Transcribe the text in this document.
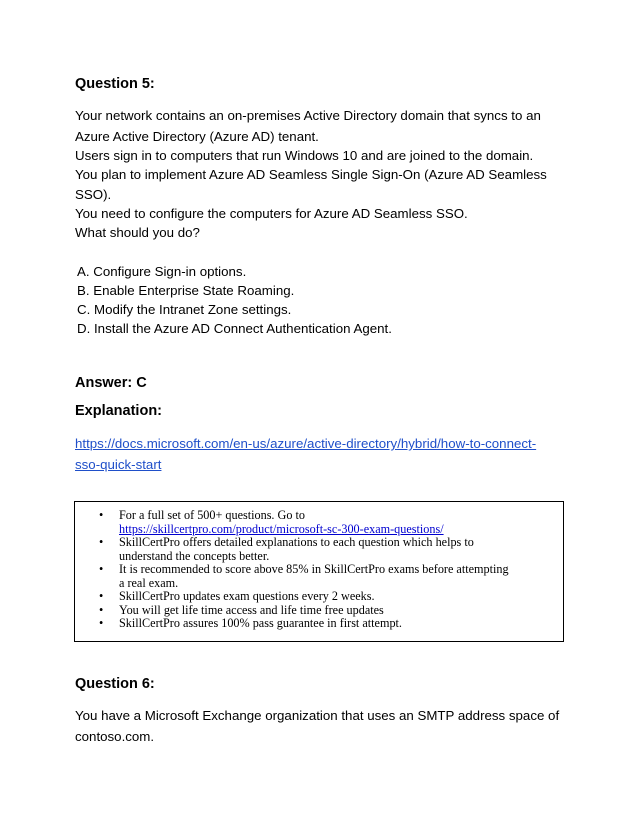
Question 5:
Your network contains an on-premises Active Directory domain that syncs to an
Azure Active Directory (Azure AD) tenant.
Users sign in to computers that run Windows 10 and are joined to the domain.
You plan to implement Azure AD Seamless Single Sign-On (Azure AD Seamless
SSO).
You need to configure the computers for Azure AD Seamless SSO.
What should you do?
A. Configure Sign-in options.
B. Enable Enterprise State Roaming.
C. Modify the Intranet Zone settings.
D. Install the Azure AD Connect Authentication Agent.
Answer: C
Explanation:
https://docs.microsoft.com/en-us/azure/active-directory/hybrid/how-to-connect-
sso-quick-start
• For a full set of 500+ questions. Go to
https://skillcertpro.com/product/microsoft-sc-300-exam-questions/
• SkillCertPro offers detailed explanations to each question which helps to
understand the concepts better.
• It is recommended to score above 85% in SkillCertPro exams before attempting
a real exam.
• SkillCertPro updates exam questions every 2 weeks.
• You will get life time access and life time free updates
• SkillCertPro assures 100% pass guarantee in first attempt.
Question 6:
You have a Microsoft Exchange organization that uses an SMTP address space of
contoso.com.
